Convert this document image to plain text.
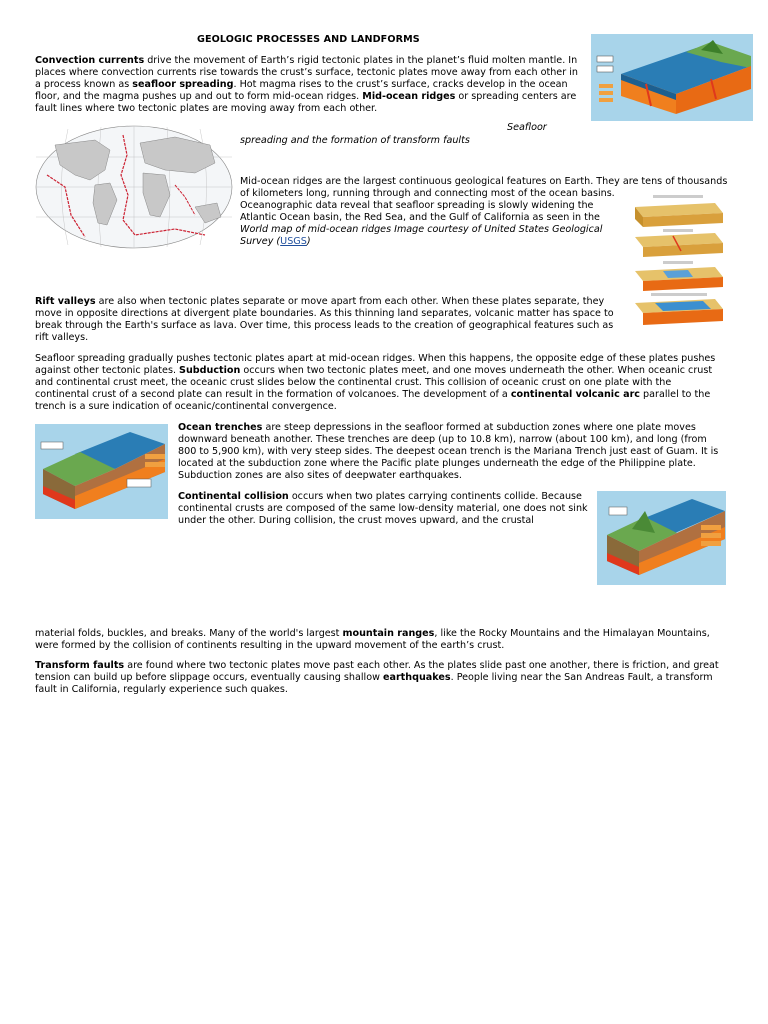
GEOLOGIC PROCESSES AND LANDFORMS

Convection currents drive the movement of Earth’s rigid tectonic plates in the planet’s fluid molten mantle. In places where convection currents rise towards the crust’s surface, tectonic plates move away from each other in a process known as seafloor spreading. Hot magma rises to the crust’s surface, cracks develop in the ocean floor, and the magma pushes up and out to form mid-ocean ridges. Mid-ocean ridges or spreading centers are fault lines where two tectonic plates are moving away from each other.

Seafloor
spreading and the formation of transform faults

Mid-ocean ridges are the largest continuous geological features on Earth. They are tens of thousands

of kilometers long, running through and connecting most of the ocean basins. Oceanographic data reveal that seafloor spreading is slowly widening the Atlantic Ocean basin, the Red Sea, and the Gulf of California as seen in the World map of mid-ocean ridges Image courtesy of United States Geological Survey (USGS)

Rift valleys are also when tectonic plates separate or move apart from each other. When these plates separate, they move in opposite directions at divergent plate boundaries. As this thinning land separates, volcanic matter has space to break through the Earth's surface as lava. Over time, this process leads to the creation of geographical features such as rift valleys.

Seafloor spreading gradually pushes tectonic plates apart at mid-ocean ridges. When this happens, the opposite edge of these plates pushes against other tectonic plates. Subduction occurs when two tectonic plates meet, and one moves underneath the other. When oceanic crust and continental crust meet, the oceanic crust slides below the continental crust. This collision of oceanic crust on one plate with the continental crust of a second plate can result in the formation of volcanoes. The development of a continental volcanic arc parallel to the trench is a sure indication of oceanic/continental convergence.

Ocean trenches are steep depressions in the seafloor formed at subduction zones where one plate moves downward beneath another. These trenches are deep (up to 10.8 km), narrow (about 100 km), and long (from 800 to 5,900 km), with very steep sides. The deepest ocean trench is the Mariana Trench just east of Guam. It is located at the subduction zone where the Pacific plate plunges underneath the edge of the Philippine plate. Subduction zones are also sites of deepwater earthquakes.

Continental collision occurs when two plates carrying continents collide. Because continental crusts are composed of the same low-density material, one does not sink under the other. During collision, the crust moves upward, and the crustal

material folds, buckles, and breaks. Many of the world's largest mountain ranges, like the Rocky Mountains and the Himalayan Mountains, were formed by the collision of continents resulting in the upward movement of the earth’s crust.

Transform faults are found where two tectonic plates move past each other. As the plates slide past one another, there is friction, and great tension can build up before slippage occurs, eventually causing shallow earthquakes. People living near the San Andreas Fault, a transform fault in California, regularly experience such quakes.
